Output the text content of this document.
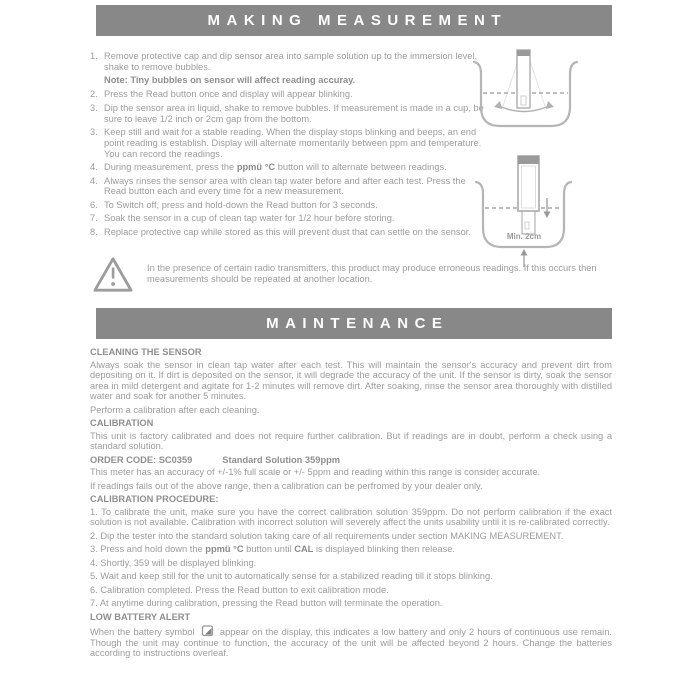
MAKING MEASUREMENT
1. Remove protective cap and dip sensor area into sample solution up to the immersion level, shake to remove bubbles.
Note: Tiny bubbles on sensor will affect reading accuray.
2. Press the Read button once and display will appear blinking.
3. Dip the sensor area in liquid, shake to remove bubbles. If measurement is made in a cup, be sure to leave 1/2 inch or 2cm gap from the bottom.
3. Keep still and wait for a stable reading. When the display stops blinking and beeps, an end point reading is establish. Display will alternate momentarily between ppm and temperature. You can record the readings.
4. During measurement, press the ppmü °C button will to alternate between readings.
4. Always rinses the sensor area with clean tap water before and after each test. Press the Read button each and every time for a new measurement.
6. To Switch off, press and hold-down the Read button for 3 seconds.
7. Soak the sensor in a cup of clean tap water for 1/2 hour before storing.
8. Replace protective cap while stored as this will prevent dust that can settle on the sensor.	Min. 2cm
In the presence of certain radio transmitters, this product may produce erroneous readings. If this occurs then measurements should be repeated at another location.
MAINTENANCE
CLEANING THE SENSOR

Always soak the sensor in clean tap water after each test. This will maintain the sensor's accuracy and prevent dirt from depositing on it. If dirt is deposited on the sensor, it will degrade the accuracy of the unit. If the sensor is dirty, soak the sensor area in mild detergent and agitate for 1-2 minutes will remove dirt. After soaking, rinse the sensor area thoroughly with distilled water and soak for another 5 minutes.

Perform a calibration after each cleaning.

CALIBRATION

This unit is factory calibrated and does not require further calibration. But if readings are in doubt, perform a check using a standard solution.

ORDER CODE: SC0359	Standard Solution 359ppm

This meter has an accuracy of +/-1% full scale or +/- 5ppm and reading within this range is consider accurate.

If readings fails out of the above range, then a calibration can be perfromed by your dealer only.

CALIBRATION PROCEDURE:

1. To calibrate the unit, make sure you have the correct calibration solution 359ppm. Do not perform calibration if the exact solution is not available. Calibration with incorrect solution will severely affect the units usability until it is re-calibrated correctly.

2. Dip the tester into the standard solution taking care of all requirements under section MAKING MEASUREMENT.

3. Press and hold down the ppmü °C button until CAL is displayed blinking then release.

4. Shortly, 359 will be displayed blinking.

5. Wait and keep still for the unit to automatically sense for a stabilized reading till it stops blinking.

6. Calibration completed. Press the Read button to exit calibration mode.

7. At anytime during calibration, pressing the Read button will terminate the operation.

LOW BATTERY ALERT

When the battery symbol  appear on the display, this indicates a low battery and only 2 hours of continuous use remain. Though the unit may continue to function, the accuracy of the unit will be affected beyond 2 hours. Change the batteries according to instructions overleaf.
